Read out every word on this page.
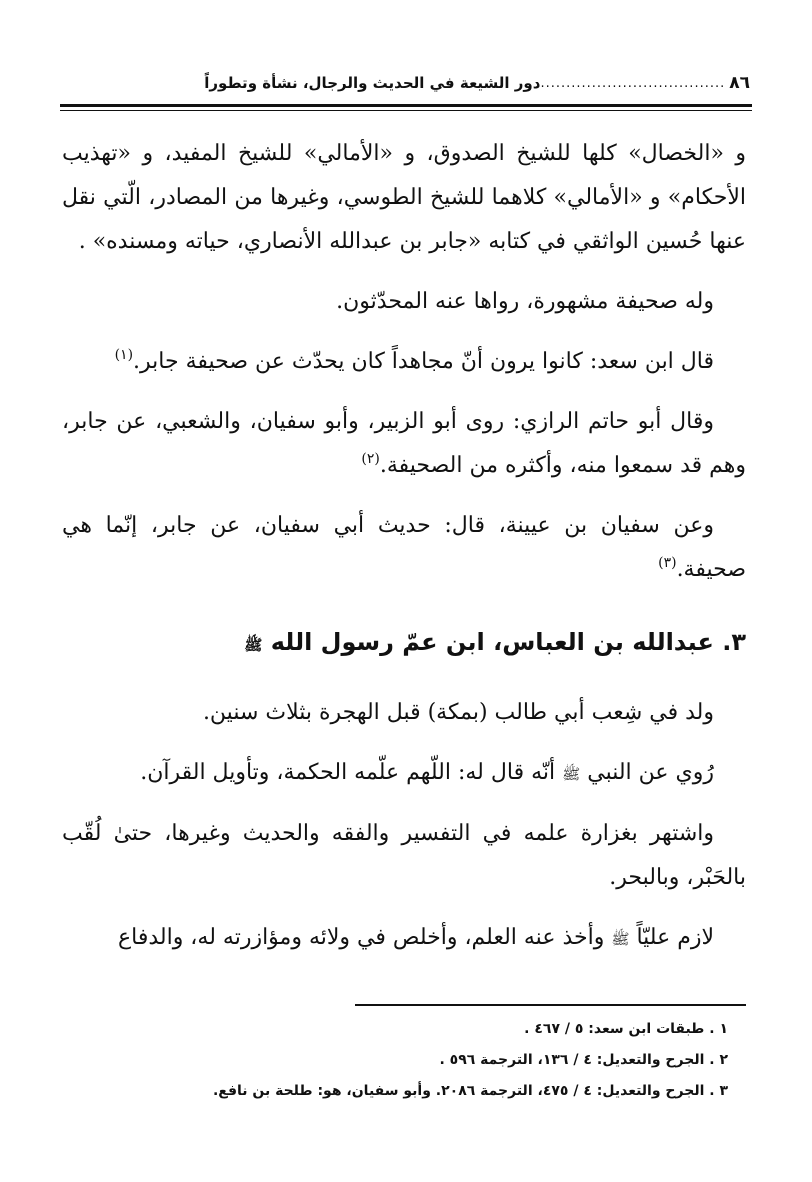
٨٦
....................................
دور الشيعة في الحديث والرجال، نشأة وتطوراً

و «الخصال» كلها للشيخ الصدوق، و «الأمالي» للشيخ المفيد، و «تهذيب الأحكام» و «الأمالي» كلاهما للشيخ الطوسي، وغيرها من المصادر، الّتي نقل عنها حُسين الواثقي في كتابه «جابر بن عبدالله الأنصاري، حياته ومسنده» .

وله صحيفة مشهورة، رواها عنه المحدّثون.

قال ابن سعد: كانوا يرون أنّ مجاهداً كان يحدّث عن صحيفة جابر.$^{(١)}$

وقال أبو حاتم الرازي: روى أبو الزبير، وأبو سفيان، والشعبي، عن جابر، وهم قد سمعوا منه، وأكثره من الصحيفة.$^{(٢)}$

وعن سفيان بن عيينة، قال: حديث أبي سفيان، عن جابر، إنّما هي صحيفة.$^{(٣)}$

٣. عبدالله بن العباس، ابن عمّ رسول الله ﷺ

ولد في شِعب أبي طالب (بمكة) قبل الهجرة بثلاث سنين.

رُوي عن النبي ﷺ أنّه قال له: اللّهم علّمه الحكمة، وتأويل القرآن.

واشتهر بغزارة علمه في التفسير والفقه والحديث وغيرها، حتىٰ لُقّب بالحَبْر، وبالبحر.

لازم عليّاً ﷺ وأخذ عنه العلم، وأخلص في ولائه ومؤازرته له، والدفاع

١ . طبقات ابن سعد: ٥ / ٤٦٧ .
٢ . الجرح والتعديل: ٤ / ١٣٦، الترجمة ٥٩٦ .
٣ . الجرح والتعديل: ٤ / ٤٧٥، الترجمة ٢٠٨٦. وأبو سفيان، هو: طلحة بن نافع.
